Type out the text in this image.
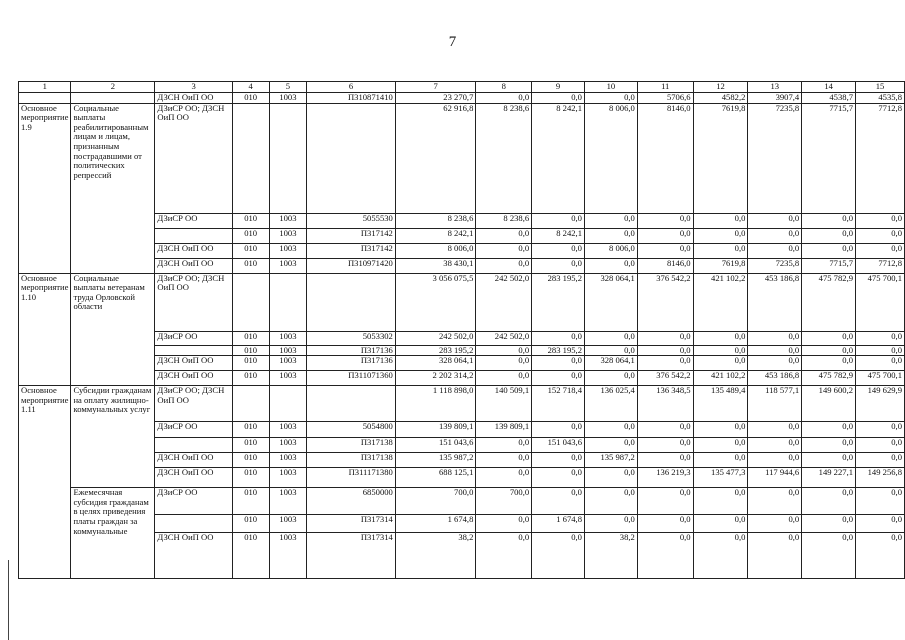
7
1	2	3	4	5	6	7	8	9	10	11	12	13	14	15
		ДЗСН ОиП ОО	010	1003	П310871410	23 270,7	0,0	0,0	0,0	5706,6	4582,2	3907,4	4538,7	4535,8
Основное мероприятие 1.9	Социальные выплаты реабилитированным лицам и лицам, признанным пострадавшими от политических репрессий	ДЗиСР ОО; ДЗСН ОиП ОО				62 916,8	8 238,6	8 242,1	8 006,0	8146,0	7619,8	7235,8	7715,7	7712,8
		ДЗиСР ОО	010	1003	5055530	8 238,6	8 238,6	0,0	0,0	0,0	0,0	0,0	0,0	0,0
			010	1003	П317142	8 242,1	0,0	8 242,1	0,0	0,0	0,0	0,0	0,0	0,0
		ДЗСН ОиП ОО	010	1003	П317142	8 006,0	0,0	0,0	8 006,0	0,0	0,0	0,0	0,0	0,0
		ДЗСН ОиП ОО	010	1003	П310971420	38 430,1	0,0	0,0	0,0	8146,0	7619,8	7235,8	7715,7	7712,8
Основное мероприятие 1.10	Социальные выплаты ветеранам труда Орловской области	ДЗиСР ОО; ДЗСН ОиП ОО				3 056 075,5	242 502,0	283 195,2	328 064,1	376 542,2	421 102,2	453 186,8	475 782,9	475 700,1
		ДЗиСР ОО	010	1003	5053302	242 502,0	242 502,0	0,0	0,0	0,0	0,0	0,0	0,0	0,0
			010	1003	П317136	283 195,2	0,0	283 195,2	0,0	0,0	0,0	0,0	0,0	0,0
		ДЗСН ОиП ОО	010	1003	П317136	328 064,1	0,0	0,0	328 064,1	0,0	0,0	0,0	0,0	0,0
		ДЗСН ОиП ОО	010	1003	П311071360	2 202 314,2	0,0	0,0	0,0	376 542,2	421 102,2	453 186,8	475 782,9	475 700,1
Основное мероприятие 1.11	Субсидии гражданам на оплату жилищно-коммунальных услуг	ДЗиСР ОО; ДЗСН ОиП ОО				1 118 898,0	140 509,1	152 718,4	136 025,4	136 348,5	135 489,4	118 577,1	149 600,2	149 629,9
		ДЗиСР ОО	010	1003	5054800	139 809,1	139 809,1	0,0	0,0	0,0	0,0	0,0	0,0	0,0
			010	1003	П317138	151 043,6	0,0	151 043,6	0,0	0,0	0,0	0,0	0,0	0,0
		ДЗСН ОиП ОО	010	1003	П317138	135 987,2	0,0	0,0	135 987,2	0,0	0,0	0,0	0,0	0,0
		ДЗСН ОиП ОО	010	1003	П311171380	688 125,1	0,0	0,0	0,0	136 219,3	135 477,3	117 944,6	149 227,1	149 256,8
	Ежемесячная субсидия гражданам в целях приведения платы граждан за коммунальные	ДЗиСР ОО	010	1003	6850000	700,0	700,0	0,0	0,0	0,0	0,0	0,0	0,0	0,0
			010	1003	П317314	1 674,8	0,0	1 674,8	0,0	0,0	0,0	0,0	0,0	0,0
		ДЗСН ОиП ОО	010	1003	П317314	38,2	0,0	0,0	38,2	0,0	0,0	0,0	0,0	0,0
